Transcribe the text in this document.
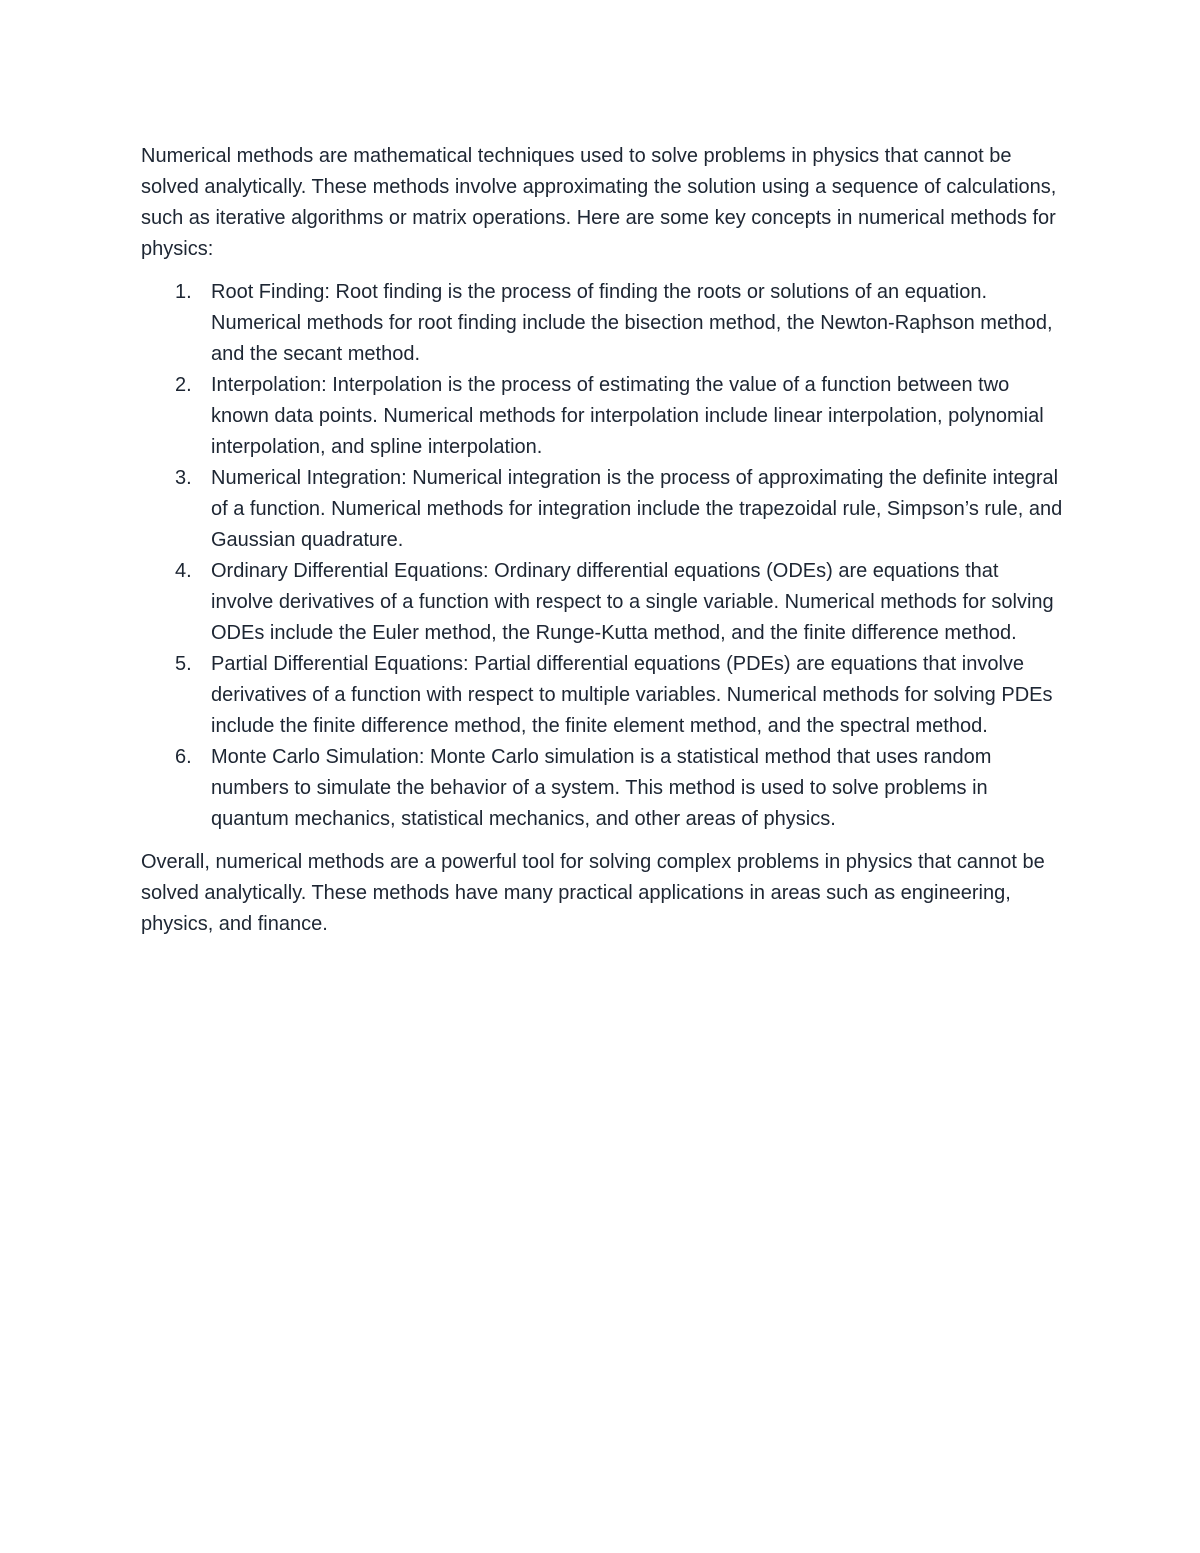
Numerical methods are mathematical techniques used to solve problems in physics that cannot be solved analytically. These methods involve approximating the solution using a sequence of calculations, such as iterative algorithms or matrix operations. Here are some key concepts in numerical methods for physics:

1. Root Finding: Root finding is the process of finding the roots or solutions of an equation. Numerical methods for root finding include the bisection method, the Newton-Raphson method, and the secant method.
2. Interpolation: Interpolation is the process of estimating the value of a function between two known data points. Numerical methods for interpolation include linear interpolation, polynomial interpolation, and spline interpolation.
3. Numerical Integration: Numerical integration is the process of approximating the definite integral of a function. Numerical methods for integration include the trapezoidal rule, Simpson’s rule, and Gaussian quadrature.
4. Ordinary Differential Equations: Ordinary differential equations (ODEs) are equations that involve derivatives of a function with respect to a single variable. Numerical methods for solving ODEs include the Euler method, the Runge-Kutta method, and the finite difference method.
5. Partial Differential Equations: Partial differential equations (PDEs) are equations that involve derivatives of a function with respect to multiple variables. Numerical methods for solving PDEs include the finite difference method, the finite element method, and the spectral method.
6. Monte Carlo Simulation: Monte Carlo simulation is a statistical method that uses random numbers to simulate the behavior of a system. This method is used to solve problems in quantum mechanics, statistical mechanics, and other areas of physics.

Overall, numerical methods are a powerful tool for solving complex problems in physics that cannot be solved analytically. These methods have many practical applications in areas such as engineering, physics, and finance.
